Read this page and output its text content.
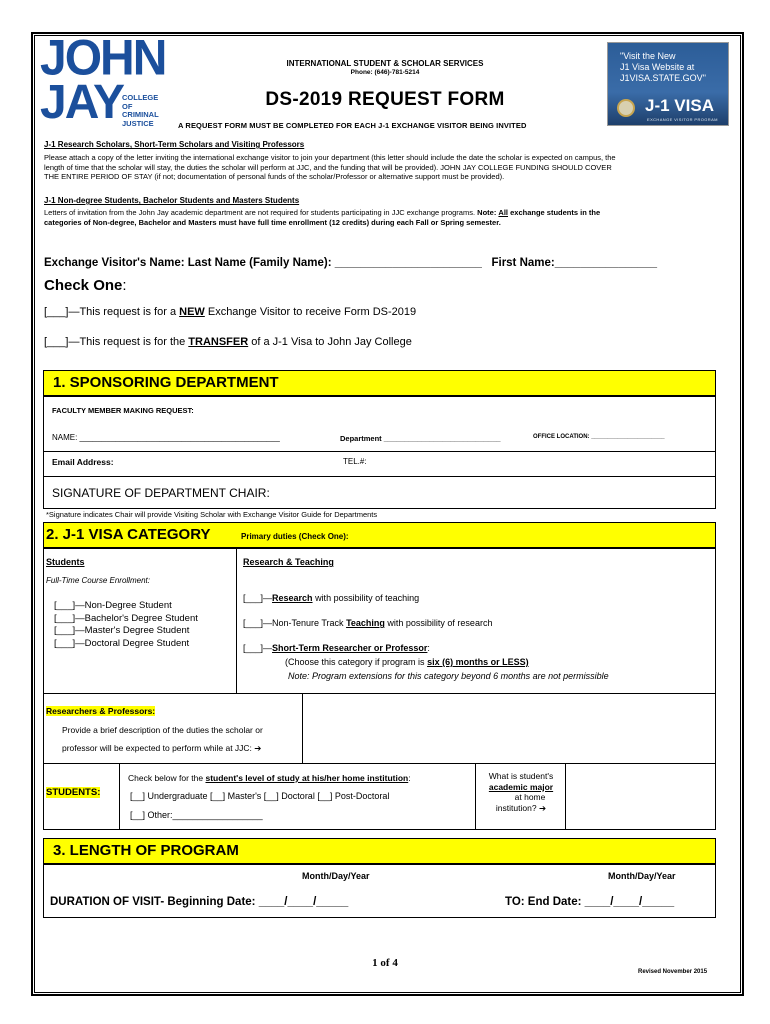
JOHN
JAY COLLEGE
OF
CRIMINAL
JUSTICE
INTERNATIONAL STUDENT & SCHOLAR SERVICES
Phone: (646)-781-5214
DS-2019 REQUEST FORM
A REQUEST FORM MUST BE COMPLETED FOR EACH J-1 EXCHANGE VISITOR BEING INVITED
"Visit the New
J1 Visa Website at
J1VISA.STATE.GOV"
J-1 VISA
EXCHANGE VISITOR PROGRAM
J-1 Research Scholars, Short-Term Scholars and Visiting Professors
Please attach a copy of the letter inviting the international exchange visitor to join your department (this letter should include the date the scholar is expected on campus, the
length of time that the scholar will stay, the duties the scholar will perform at JJC, and the funding that will be provided). JOHN JAY COLLEGE FUNDING SHOULD COVER
THE ENTIRE PERIOD OF STAY (if not; documentation of personal funds of the scholar/Professor or alternative support must be provided).
J-1 Non-degree Students, Bachelor Students and Masters Students
Letters of invitation from the John Jay academic department are not required for students participating in JJC exchange programs. Note: All exchange students in the
categories of Non-degree, Bachelor and Masters must have full time enrollment (12 credits) during each Fall or Spring semester.
Exchange Visitor's Name: Last Name (Family Name): _______________________ First Name:________________
Check One:
[___]—This request is for a NEW Exchange Visitor to receive Form DS-2019
[___]—This request is for the TRANSFER of a J-1 Visa to John Jay College
1. SPONSORING DEPARTMENT
FACULTY MEMBER MAKING REQUEST:
NAME: _____________________________________________	Department ____________________________	OFFICE LOCATION: ______________________
Email Address:	TEL.#:
SIGNATURE OF DEPARTMENT CHAIR:
*Signature indicates Chair will provide Visiting Scholar with Exchange Visitor Guide for Departments
2. J-1 VISA CATEGORY	Primary duties (Check One):
Students	Research & Teaching
Full-Time Course Enrollment:
[___]—Non-Degree Student
[___]—Bachelor's Degree Student
[___]—Master's Degree Student
[___]—Doctoral Degree Student
[___]—Research with possibility of teaching
[___]—Non-Tenure Track Teaching with possibility of research
[___]—Short-Term Researcher or Professor:
(Choose this category if program is six (6) months or LESS)
Note: Program extensions for this category beyond 6 months are not permissible
Researchers & Professors:
Provide a brief description of the duties the scholar or
professor will be expected to perform while at JJC: ➔
STUDENTS:
Check below for the student's level of study at his/her home institution:
[__] Undergraduate [__] Master's [__] Doctoral [__] Post-Doctoral
[__] Other:__________________
What is student's
academic major
at home
institution? ➔
3. LENGTH OF PROGRAM
Month/Day/Year	Month/Day/Year
DURATION OF VISIT- Beginning Date: ____/____/_____	TO: End Date: ____/____/_____
1 of 4
Revised November 2015
